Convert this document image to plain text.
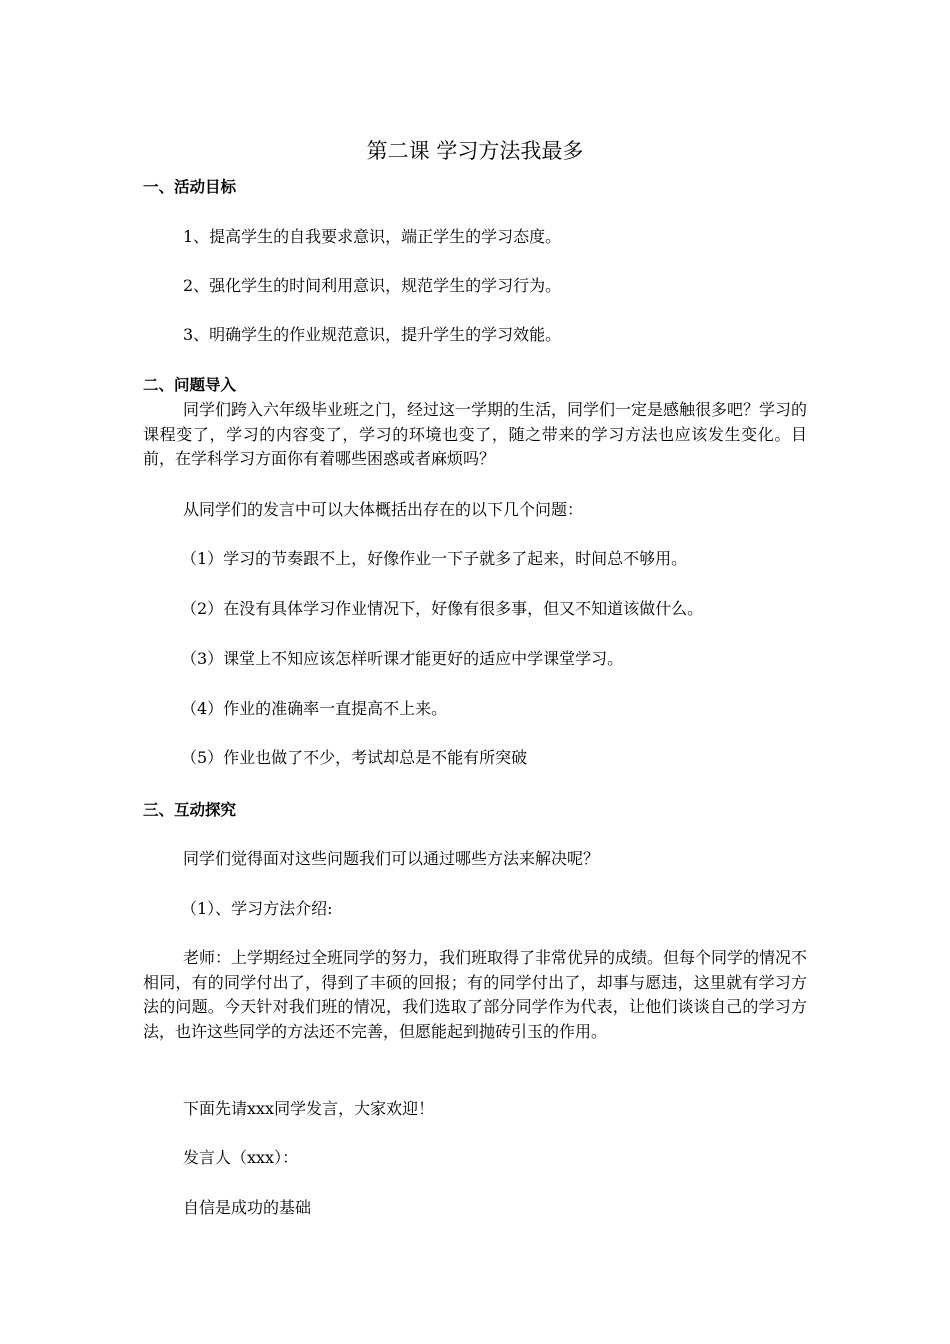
第二课 学习方法我最多
一、活动目标
1、提高学生的自我要求意识，端正学生的学习态度。
2、强化学生的时间利用意识，规范学生的学习行为。
3、明确学生的作业规范意识，提升学生的学习效能。
二、问题导入
同学们跨入六年级毕业班之门，经过这一学期的生活，同学们一定是感触很多吧？学习的课程变了，学习的内容变了，学习的环境也变了，随之带来的学习方法也应该发生变化。目前，在学科学习方面你有着哪些困惑或者麻烦吗？
从同学们的发言中可以大体概括出存在的以下几个问题：
（1）学习的节奏跟不上，好像作业一下子就多了起来，时间总不够用。
（2）在没有具体学习作业情况下，好像有很多事，但又不知道该做什么。
（3）课堂上不知应该怎样听课才能更好的适应中学课堂学习。
（4）作业的准确率一直提高不上来。
（5）作业也做了不少，考试却总是不能有所突破
三、互动探究
同学们觉得面对这些问题我们可以通过哪些方法来解决呢？
（1）、学习方法介绍:
老师：上学期经过全班同学的努力，我们班取得了非常优异的成绩。但每个同学的情况不相同，有的同学付出了，得到了丰硕的回报；有的同学付出了，却事与愿违，这里就有学习方法的问题。今天针对我们班的情况，我们选取了部分同学作为代表，让他们谈谈自己的学习方法，也许这些同学的方法还不完善，但愿能起到抛砖引玉的作用。
下面先请xxx同学发言，大家欢迎！
发言人（xxx）：
自信是成功的基础
